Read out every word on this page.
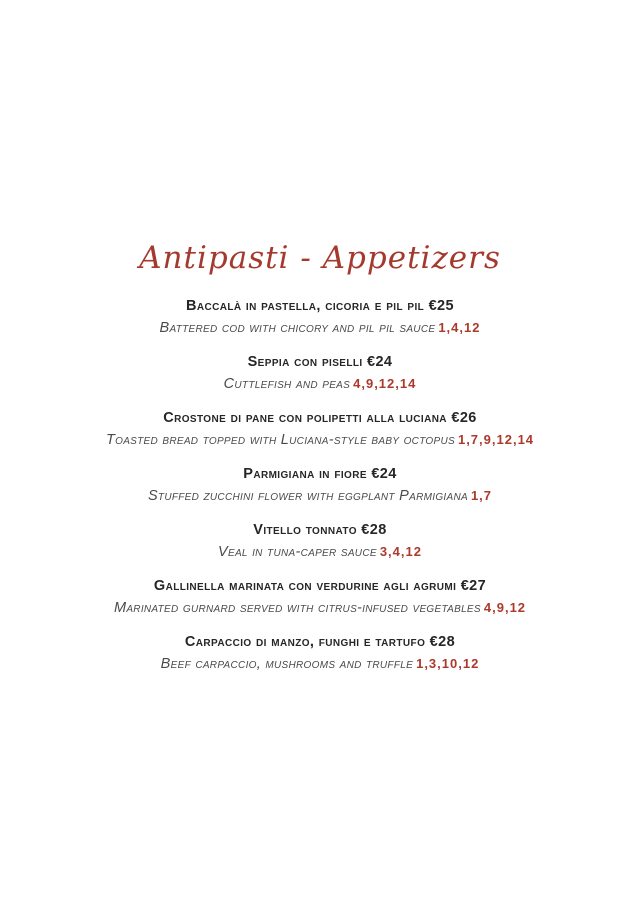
Antipasti - Appetizers
Baccalà in pastella, cicoria e pil pil €25
Battered cod with chicory and pil pil sauce 1,4,12
Seppia con piselli €24
Cuttlefish and peas 4,9,12,14
Crostone di pane con polipetti alla luciana €26
Toasted bread topped with Luciana-style baby octopus 1,7,9,12,14
Parmigiana in fiore €24
Stuffed zucchini flower with eggplant Parmigiana 1,7
Vitello tonnato €28
Veal in tuna-caper sauce 3,4,12
Gallinella marinata con verdurine agli agrumi €27
Marinated gurnard served with citrus-infused vegetables 4,9,12
Carpaccio di manzo, funghi e tartufo €28
Beef carpaccio, mushrooms and truffle 1,3,10,12
